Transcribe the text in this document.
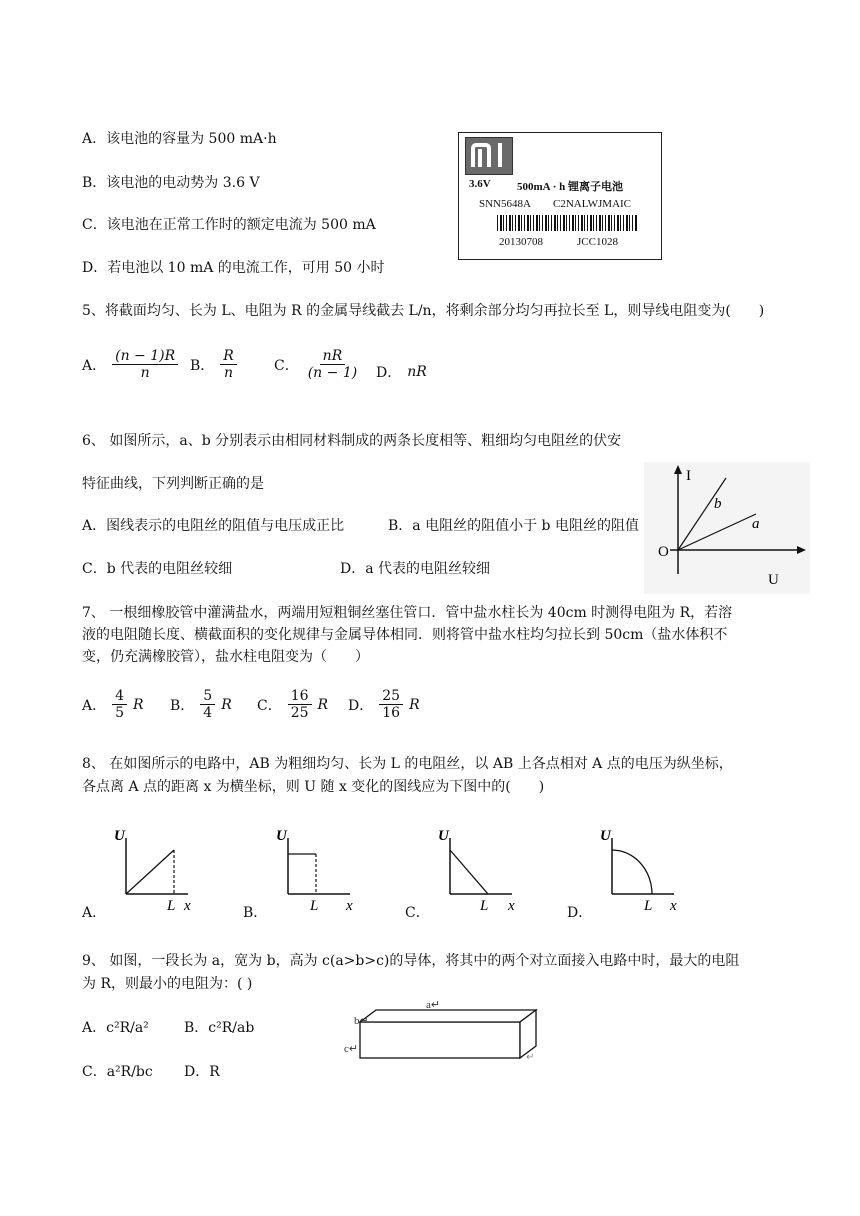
A．该电池的容量为 500 mA·h
B．该电池的电动势为 3.6 V
C．该电池在正常工作时的额定电流为 500 mA
D．若电池以 10 mA 的电流工作，可用 50 小时
3.6V 500mA · h 锂离子电池
SNN5648A C2NALWJMAIC
20130708	JCC1028
5、将截面均匀、长为 L、电阻为 R 的金属导线截去 L/n，将剩余部分均匀再拉长至 L，则导线电阻变为(　　)
A． $\frac{(n - 1)R}{n}$ B． $\frac{R}{n}$	C． $\frac{nR}{(n - 1)}$ D． nR
6、 如图所示，a、b 分别表示由相同材料制成的两条长度相等、粗细均匀电阻丝的伏安
特征曲线，下列判断正确的是
A．图线表示的电阻丝的阻值与电压成正比	B．a 电阻丝的阻值小于 b 电阻丝的阻值
C．b 代表的电阻丝较细	D．a 代表的电阻丝较细
I
O
U
b
a
7、 一根细橡胶管中灌满盐水，两端用短粗铜丝塞住管口．管中盐水柱长为 40cm 时测得电阻为 R，若溶
液的电阻随长度、横截面积的变化规律与金属导体相同．则将管中盐水柱均匀拉长到 50cm（盐水体积不
变，仍充满橡胶管），盐水柱电阻变为（　　）
A． $\frac{4}{5}$ R B． $\frac{5}{4}$ R C． $\frac{16}{25}$ R D． $\frac{25}{16}$ R
8、 在如图所示的电路中，AB 为粗细均匀、长为 L 的电阻丝，以 AB 上各点相对 A 点的电压为纵坐标，
各点离 A 点的距离 x 为横坐标，则 U 随 x 变化的图线应为下图中的(　　)
A．
U
L x	B．
U
L x	C．
U
L x	D．
U
L x
9、 如图，一段长为 a，宽为 b，高为 c(a>b>c)的导体，将其中的两个对立面接入电路中时，最大的电阻
为 R，则最小的电阻为：( )
A．c²R/a²	B．c²R/ab
C．a²R/bc D．R
a↵
b↵
c↵
↵
